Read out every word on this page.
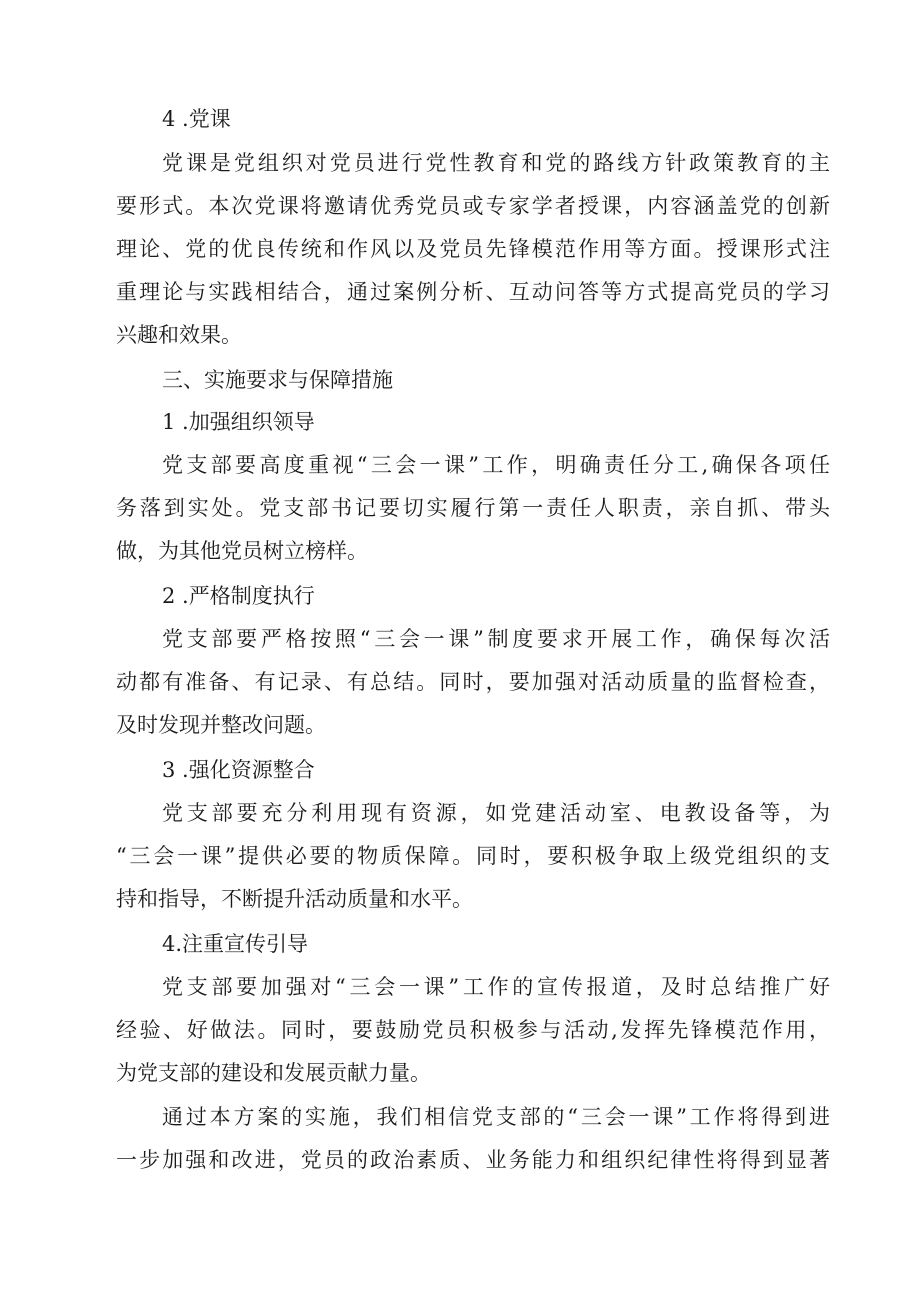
4 .党课
党课是党组织对党员进行党性教育和党的路线方针政策教育的主
要形式。本次党课将邀请优秀党员或专家学者授课，内容涵盖党的创新
理论、党的优良传统和作风以及党员先锋模范作用等方面。授课形式注
重理论与实践相结合，通过案例分析、互动问答等方式提高党员的学习
兴趣和效果。
三、实施要求与保障措施
1 .加强组织领导
党支部要高度重视“三会一课”工作，明确责任分工,确保各项任
务落到实处。党支部书记要切实履行第一责任人职责，亲自抓、带头
做，为其他党员树立榜样。
2 .严格制度执行
党支部要严格按照“三会一课”制度要求开展工作，确保每次活
动都有准备、有记录、有总结。同时，要加强对活动质量的监督检查，
及时发现并整改问题。
3 .强化资源整合
党支部要充分利用现有资源，如党建活动室、电教设备等，为
“三会一课”提供必要的物质保障。同时，要积极争取上级党组织的支
持和指导，不断提升活动质量和水平。
4.注重宣传引导
党支部要加强对“三会一课”工作的宣传报道，及时总结推广好
经验、好做法。同时，要鼓励党员积极参与活动,发挥先锋模范作用，
为党支部的建设和发展贡献力量。
通过本方案的实施，我们相信党支部的“三会一课”工作将得到进
一步加强和改进，党员的政治素质、业务能力和组织纪律性将得到显著
